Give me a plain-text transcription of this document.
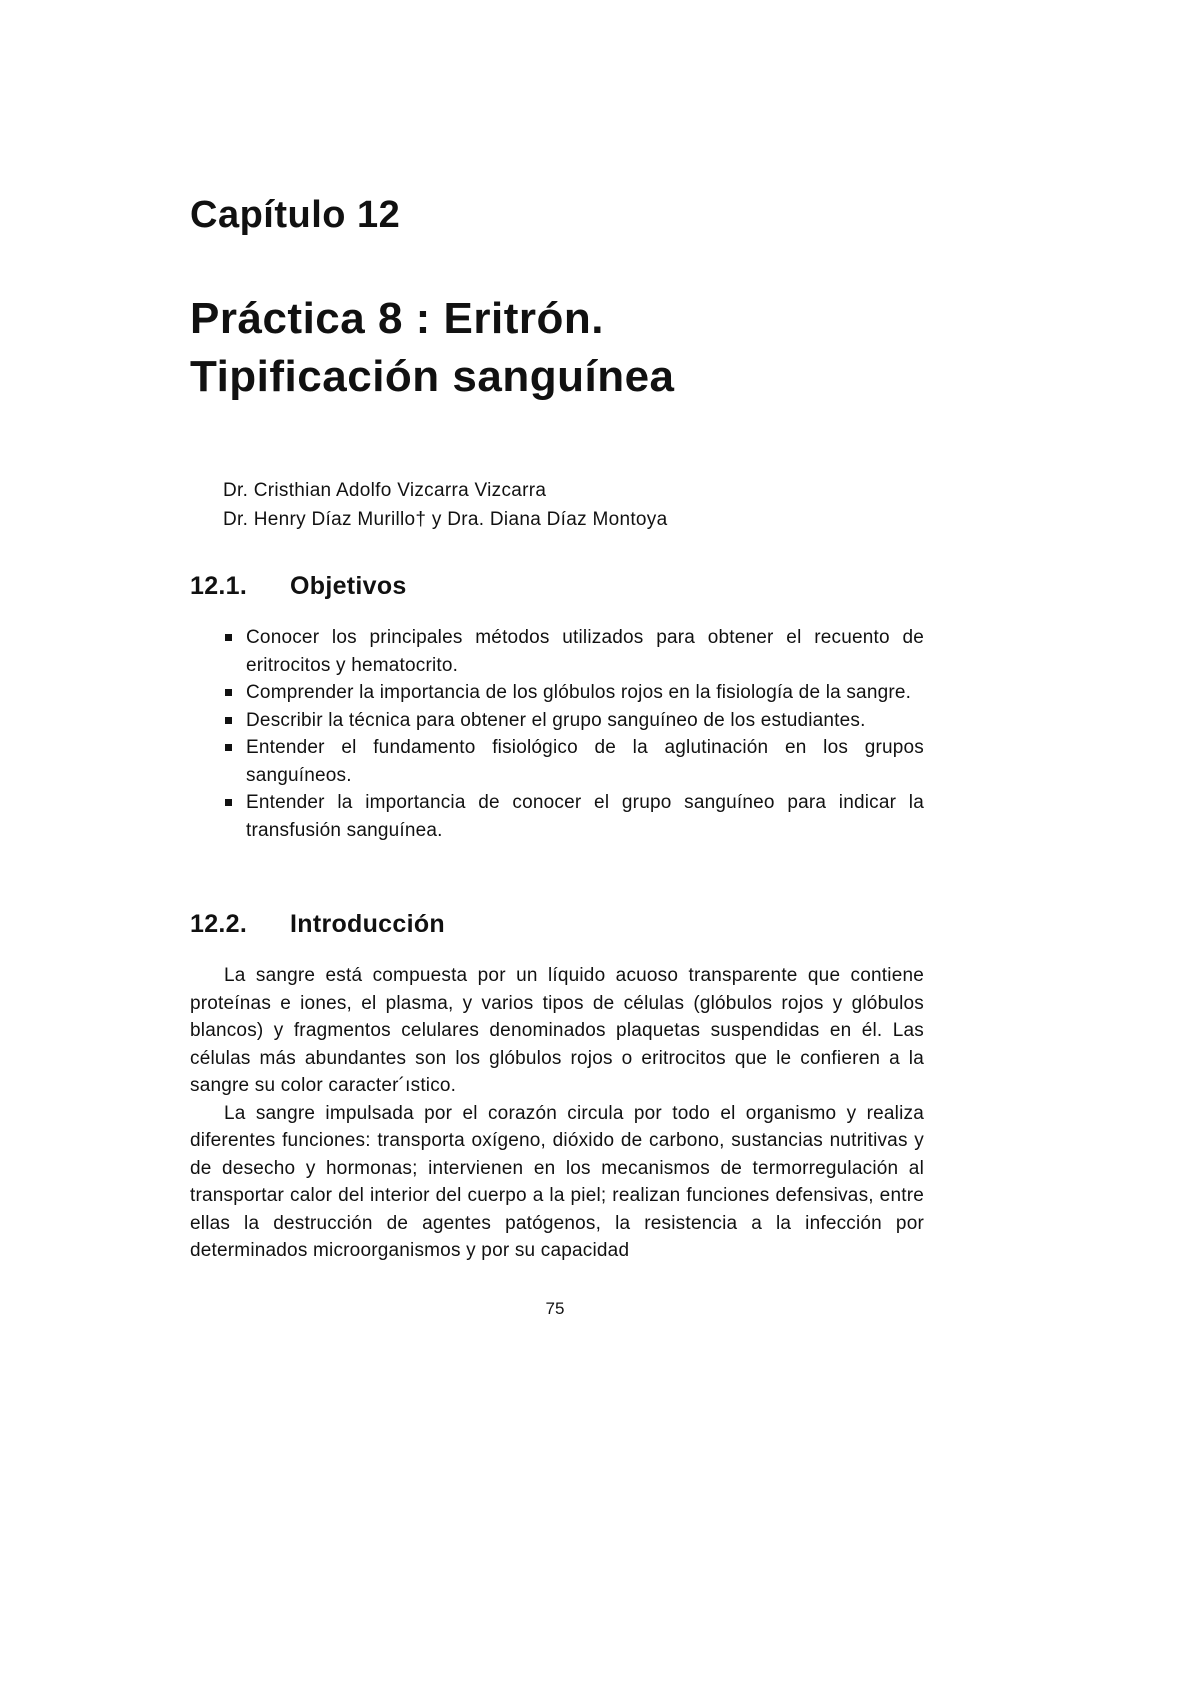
Capítulo 12
Práctica 8 : Eritrón.
Tipificación sanguínea
Dr. Cristhian Adolfo Vizcarra Vizcarra
Dr. Henry Díaz Murillo† y Dra. Diana Díaz Montoya
12.1. Objetivos
Conocer los principales métodos utilizados para obtener el recuento de eritrocitos y hematocrito.
Comprender la importancia de los glóbulos rojos en la fisiología de la sangre.
Describir la técnica para obtener el grupo sanguíneo de los estudiantes.
Entender el fundamento fisiológico de la aglutinación en los grupos sanguíneos.
Entender la importancia de conocer el grupo sanguíneo para indicar la transfusión sanguínea.
12.2. Introducción

La sangre está compuesta por un líquido acuoso transparente que contiene proteínas e iones, el plasma, y varios tipos de células (glóbulos rojos y glóbulos blancos) y fragmentos celulares denominados plaquetas suspendidas en él. Las células más abundantes son los glóbulos rojos o eritrocitos que le confieren a la sangre su color caracter´ıstico.

La sangre impulsada por el corazón circula por todo el organismo y realiza diferentes funciones: transporta oxígeno, dióxido de carbono, sustancias nutritivas y de desecho y hormonas; intervienen en los mecanismos de termorregulación al transportar calor del interior del cuerpo a la piel; realizan funciones defensivas, entre ellas la destrucción de agentes patógenos, la resistencia a la infección por determinados microorganismos y por su capacidad

75
